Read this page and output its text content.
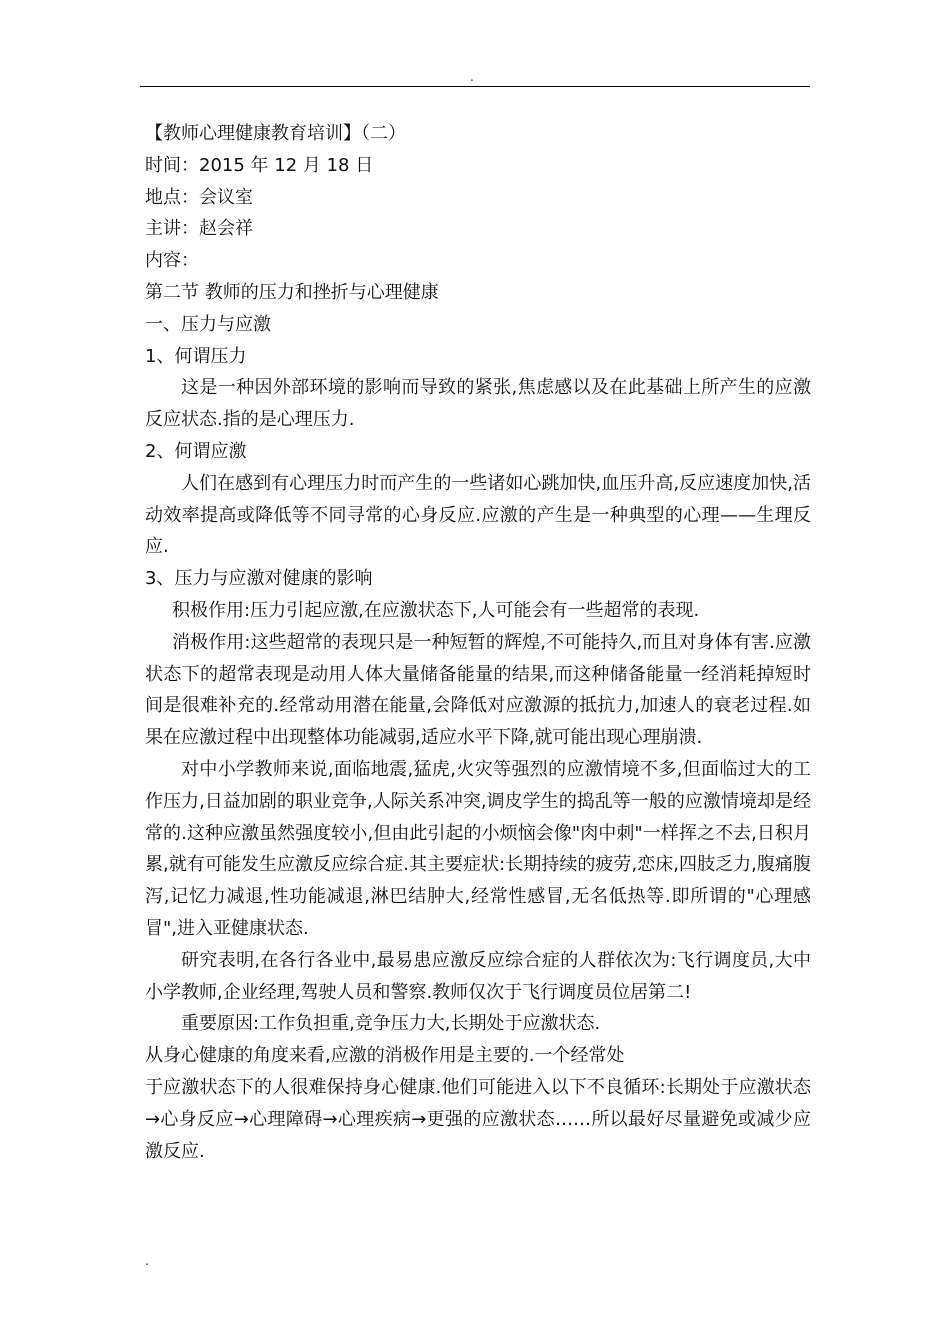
.

【教师心理健康教育培训】（二）

时间：2015 年 12 月 18 日

地点：会议室

主讲：赵会祥

内容：

第二节 教师的压力和挫折与心理健康

一、压力与应激

1、何谓压力

这是一种因外部环境的影响而导致的紧张,焦虑感以及在此基础上所产生的应激反应状态.指的是心理压力.

2、何谓应激

人们在感到有心理压力时而产生的一些诸如心跳加快,血压升高,反应速度加快,活动效率提高或降低等不同寻常的心身反应.应激的产生是一种典型的心理——生理反应.

3、压力与应激对健康的影响

积极作用:压力引起应激,在应激状态下,人可能会有一些超常的表现.

消极作用:这些超常的表现只是一种短暂的辉煌,不可能持久,而且对身体有害.应激状态下的超常表现是动用人体大量储备能量的结果,而这种储备能量一经消耗掉短时间是很难补充的.经常动用潜在能量,会降低对应激源的抵抗力,加速人的衰老过程.如果在应激过程中出现整体功能减弱,适应水平下降,就可能出现心理崩溃.

对中小学教师来说,面临地震,猛虎,火灾等强烈的应激情境不多,但面临过大的工作压力,日益加剧的职业竞争,人际关系冲突,调皮学生的捣乱等一般的应激情境却是经常的.这种应激虽然强度较小,但由此引起的小烦恼会像"肉中刺"一样挥之不去,日积月累,就有可能发生应激反应综合症.其主要症状:长期持续的疲劳,恋床,四肢乏力,腹痛腹泻,记忆力减退,性功能减退,淋巴结肿大,经常性感冒,无名低热等.即所谓的"心理感冒",进入亚健康状态.

研究表明,在各行各业中,最易患应激反应综合症的人群依次为:飞行调度员,大中小学教师,企业经理,驾驶人员和警察.教师仅次于飞行调度员位居第二!

重要原因:工作负担重,竞争压力大,长期处于应激状态.

从身心健康的角度来看,应激的消极作用是主要的.一个经常处

于应激状态下的人很难保持身心健康.他们可能进入以下不良循环:长期处于应激状态→心身反应→心理障碍→心理疾病→更强的应激状态……所以最好尽量避免或减少应激反应.

.
